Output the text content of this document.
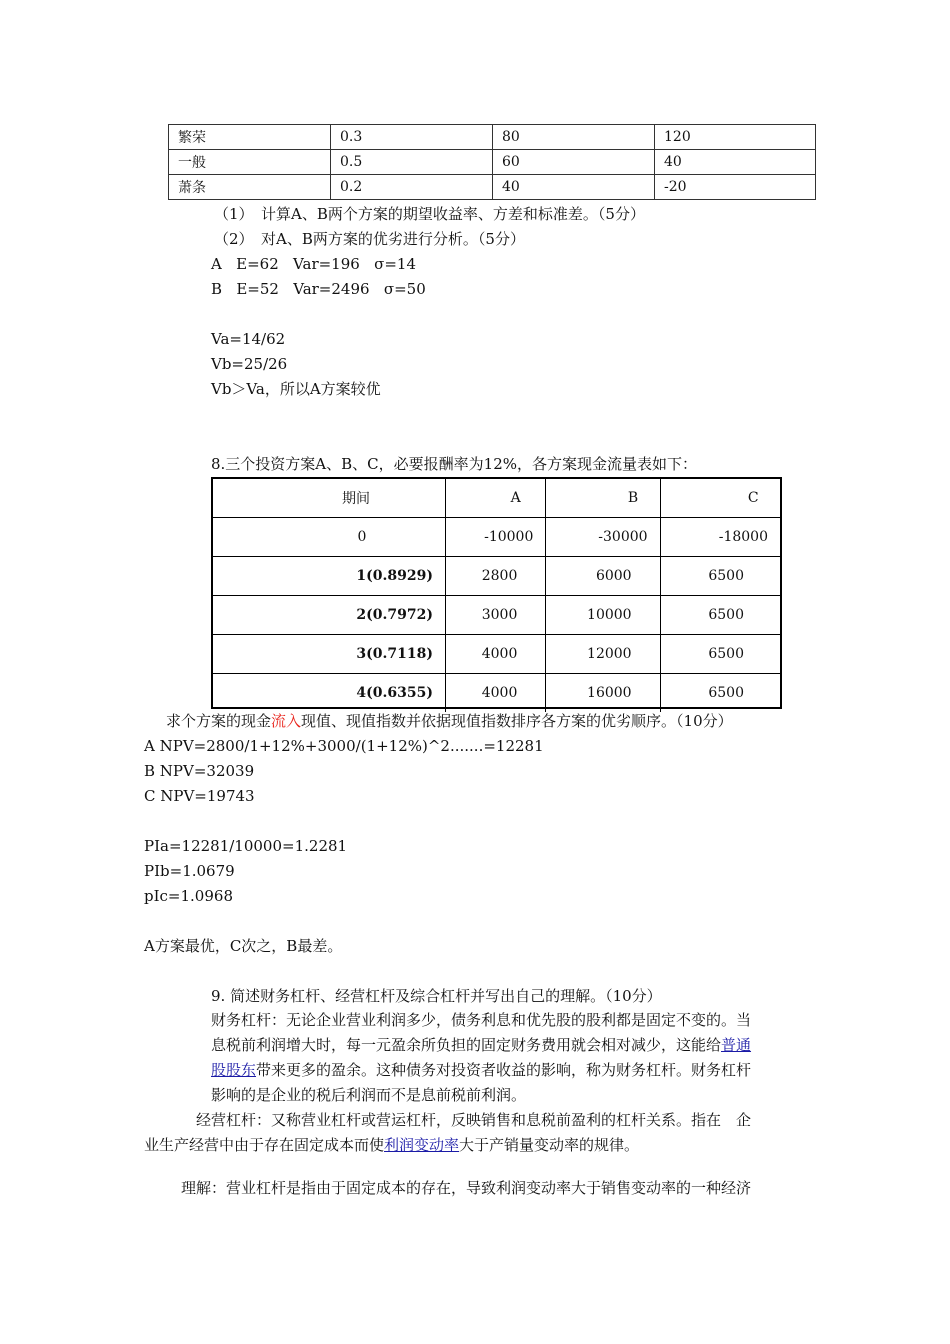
繁荣	0.3	80	120
一般	0.5	60	40
萧条	0.2	40	-20
（1）　计算A、B两个方案的期望收益率、方差和标准差。（5分）
（2）　对A、B两方案的优劣进行分析。（5分）
A   E=62   Var=196   σ=14
B   E=52   Var=2496   σ=50
Va=14/62
Vb=25/26
Vb＞Va，所以A方案较优
8.三个投资方案A、B、C，必要报酬率为12%，各方案现金流量表如下：
期间	A	B	C
0	-10000	-30000	-18000
1(0.8929)	2800	6000	6500
2(0.7972)	3000	10000	6500
3(0.7118)	4000	12000	6500
4(0.6355)	4000	16000	6500
求个方案的现金流入现值、现值指数并依据现值指数排序各方案的优劣顺序。（10分）
A NPV=2800/1+12%+3000/(1+12%)^2.......=12281
B NPV=32039
C NPV=19743
PIa=12281/10000=1.2281
PIb=1.0679
pIc=1.0968
A方案最优，C次之，B最差。
9. 简述财务杠杆、经营杠杆及综合杠杆并写出自己的理解。（10分）
财务杠杆：无论企业营业利润多少，债务利息和优先股的股利都是固定不变的。当
息税前利润增大时，每一元盈余所负担的固定财务费用就会相对减少，这能给普通
股股东带来更多的盈余。这种债务对投资者收益的影响，称为财务杠杆。财务杠杆
影响的是企业的税后利润而不是息前税前利润。
经营杠杆：又称营业杠杆或营运杠杆，反映销售和息税前盈利的杠杆关系。指在　企
业生产经营中由于存在固定成本而使利润变动率大于产销量变动率的规律。
理解：营业杠杆是指由于固定成本的存在，导致利润变动率大于销售变动率的一种经济
